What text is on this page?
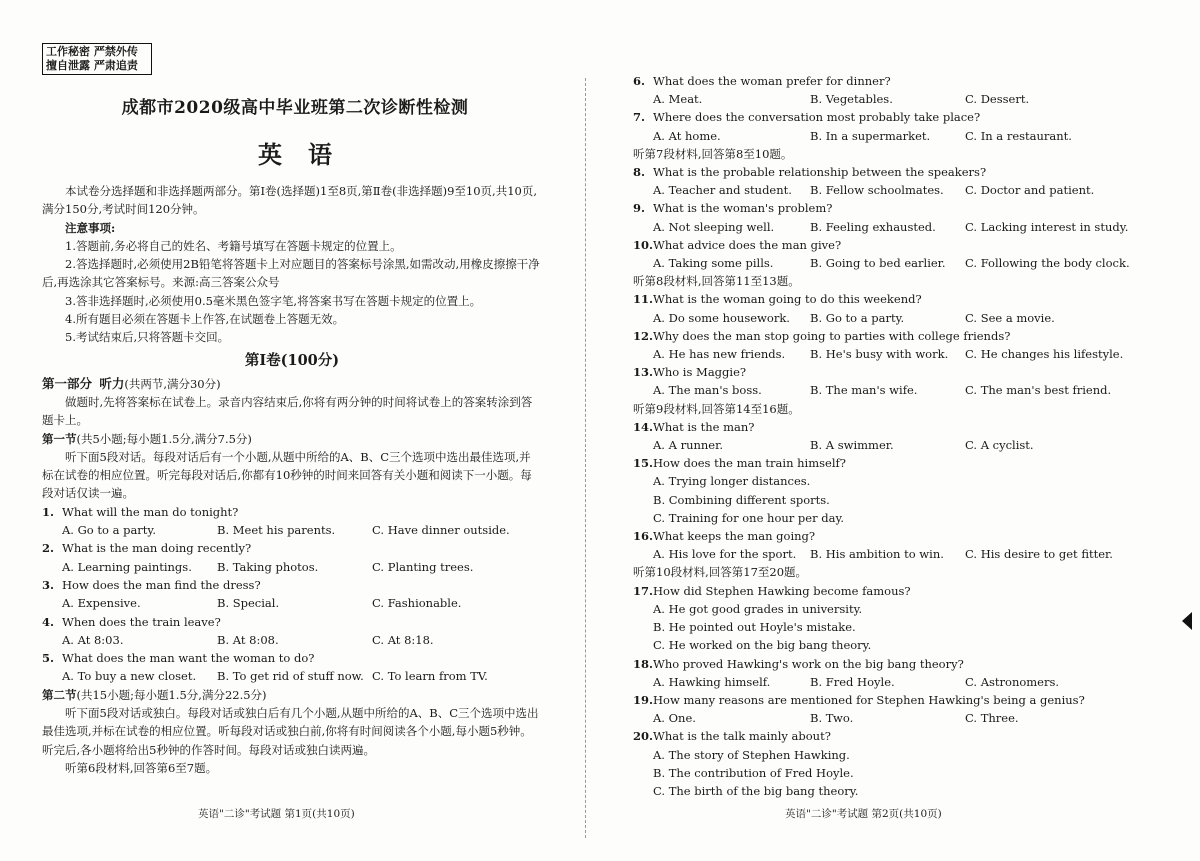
工作秘密 严禁外传
擅自泄露 严肃追责
成都市2020级高中毕业班第二次诊断性检测
英语

本试卷分选择题和非选择题两部分。第Ⅰ卷(选择题)1至8页,第Ⅱ卷(非选择题)9至10页,共10页,满分150分,考试时间120分钟。

注意事项:

1.答题前,务必将自己的姓名、考籍号填写在答题卡规定的位置上。

2.答选择题时,必须使用2B铅笔将答题卡上对应题目的答案标号涂黑,如需改动,用橡皮擦擦干净后,再选涂其它答案标号。来源:高三答案公众号

3.答非选择题时,必须使用0.5毫米黑色签字笔,将答案书写在答题卡规定的位置上。

4.所有题目必须在答题卡上作答,在试题卷上答题无效。

5.考试结束后,只将答题卡交回。

第Ⅰ卷(100分)

第一部分 听力(共两节,满分30分)

做题时,先将答案标在试卷上。录音内容结束后,你将有两分钟的时间将试卷上的答案转涂到答题卡上。

第一节(共5小题;每小题1.5分,满分7.5分)

听下面5段对话。每段对话后有一个小题,从题中所给的A、B、C三个选项中选出最佳选项,并标在试卷的相应位置。听完每段对话后,你都有10秒钟的时间来回答有关小题和阅读下一小题。每段对话仅读一遍。

1. What will the man do tonight?
A. Go to a party.	B. Meet his parents.	C. Have dinner outside.
2. What is the man doing recently?
A. Learning paintings.	B. Taking photos.	C. Planting trees.
3. How does the man find the dress?
A. Expensive.	B. Special.	C. Fashionable.
4. When does the train leave?
A. At 8:03.	B. At 8:08.	C. At 8:18.
5. What does the man want the woman to do?
A. To buy a new closet.	B. To get rid of stuff now. C. To learn from TV.

第二节(共15小题;每小题1.5分,满分22.5分)

听下面5段对话或独白。每段对话或独白后有几个小题,从题中所给的A、B、C三个选项中选出最佳选项,并标在试卷的相应位置。听每段对话或独白前,你将有时间阅读各个小题,每小题5秒钟。听完后,各小题将给出5秒钟的作答时间。每段对话或独白读两遍。

听第6段材料,回答第6至7题。

英语"二诊"考试题 第1页(共10页)
6. What does the woman prefer for dinner?
A. Meat.	B. Vegetables.	C. Dessert.
7. Where does the conversation most probably take place?
A. At home.	B. In a supermarket.	C. In a restaurant.

听第7段材料,回答第8至10题。

8. What is the probable relationship between the speakers?
A. Teacher and student.	B. Fellow schoolmates.	C. Doctor and patient.
9. What is the woman's problem?
A. Not sleeping well.	B. Feeling exhausted.	C. Lacking interest in study.
10. What advice does the man give?
A. Taking some pills.	B. Going to bed earlier.	C. Following the body clock.

听第8段材料,回答第11至13题。

11. What is the woman going to do this weekend?
A. Do some housework.	B. Go to a party.	C. See a movie.
12. Why does the man stop going to parties with college friends?
A. He has new friends.	B. He's busy with work.	C. He changes his lifestyle.
13. Who is Maggie?
A. The man's boss.	B. The man's wife.	C. The man's best friend.

听第9段材料,回答第14至16题。

14. What is the man?
A. A runner.	B. A swimmer.	C. A cyclist.
15. How does the man train himself?
A. Trying longer distances.
B. Combining different sports.
C. Training for one hour per day.
16. What keeps the man going?
A. His love for the sport.	B. His ambition to win.	C. His desire to get fitter.

听第10段材料,回答第17至20题。

17. How did Stephen Hawking become famous?
A. He got good grades in university.
B. He pointed out Hoyle's mistake.
C. He worked on the big bang theory.
18. Who proved Hawking's work on the big bang theory?
A. Hawking himself.	B. Fred Hoyle.	C. Astronomers.
19. How many reasons are mentioned for Stephen Hawking's being a genius?
A. One.	B. Two.	C. Three.
20. What is the talk mainly about?
A. The story of Stephen Hawking.
B. The contribution of Fred Hoyle.
C. The birth of the big bang theory.
英语"二诊"考试题 第2页(共10页)
